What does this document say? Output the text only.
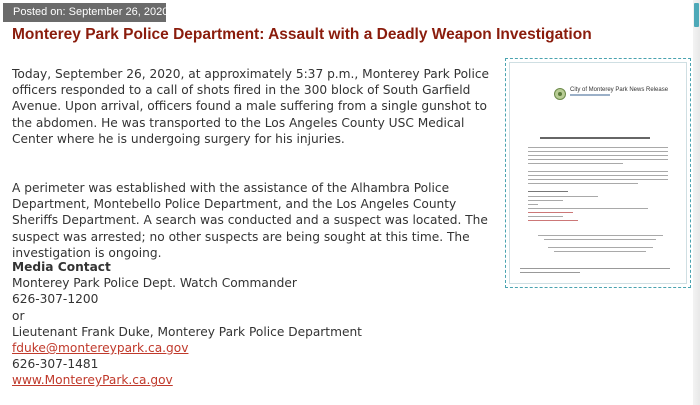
Posted on: September 26, 2020
Monterey Park Police Department: Assault with a Deadly Weapon Investigation
Today, September 26, 2020, at approximately 5:37 p.m., Monterey Park Police officers responded to a call of shots fired in the 300 block of South Garfield Avenue. Upon arrival, officers found a male suffering from a single gunshot to the abdomen. He was transported to the Los Angeles County USC Medical Center where he is undergoing surgery for his injuries.
A perimeter was established with the assistance of the Alhambra Police Department, Montebello Police Department, and the Los Angeles County Sheriffs Department. A search was conducted and a suspect was located. The suspect was arrested; no other suspects are being sought at this time. The investigation is ongoing.
Media Contact
Monterey Park Police Dept. Watch Commander
626-307-1200
or
Lieutenant Frank Duke, Monterey Park Police Department
fduke@montereypark.ca.gov
626-307-1481
www.MontereyPark.ca.gov
City of Monterey Park News Release
